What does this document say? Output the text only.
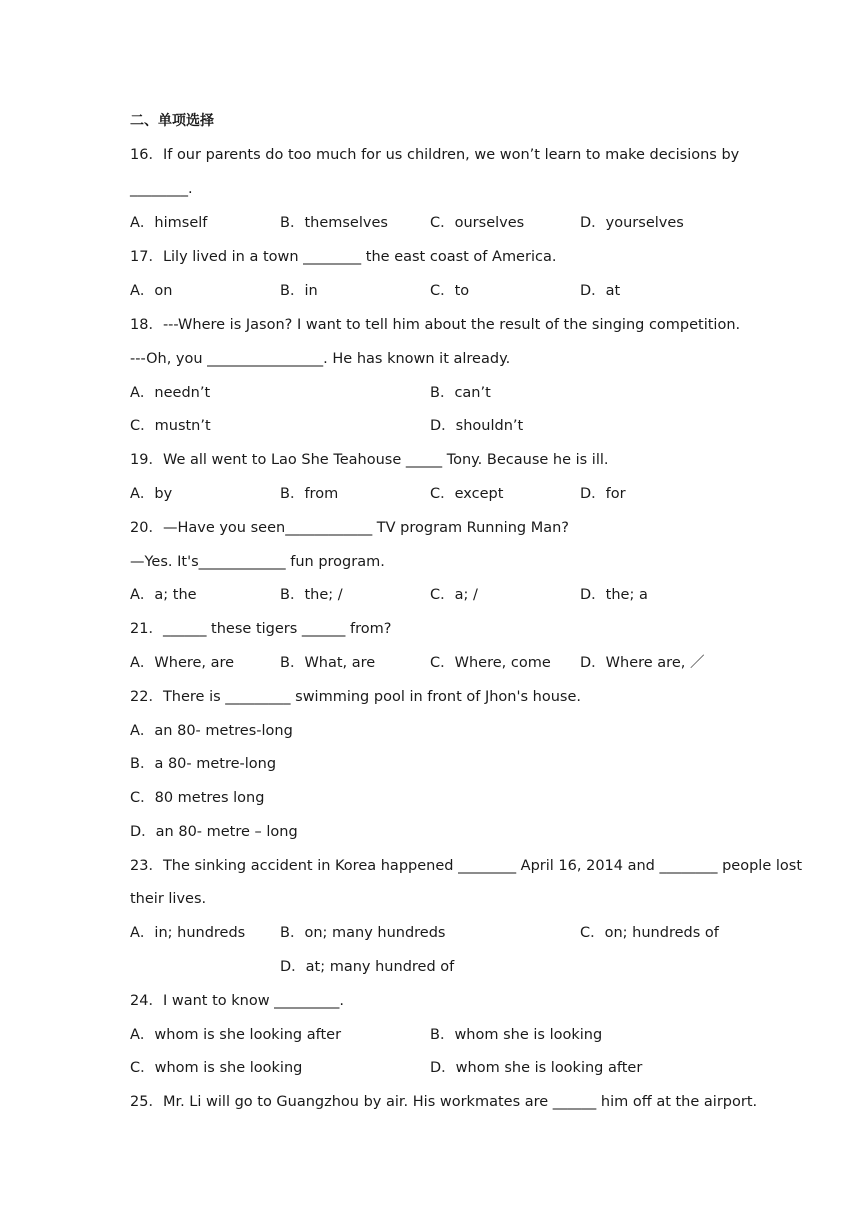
二、单项选择
16．If our parents do too much for us children, we won’t learn to make decisions by
________.
A．himself	B．themselves	C．ourselves	D．yourselves
17．Lily lived in a town ________ the east coast of America.
A．on	B．in	C．to	D．at
18．---Where is Jason? I want to tell him about the result of the singing competition.
---Oh, you ________________. He has known it already.
A．needn’t	B．can’t
C．mustn’t	D．shouldn’t
19．We all went to Lao She Teahouse _____ Tony. Because he is ill.
A．by	B．from	C．except	D．for
20．—Have you seen____________ TV program Running Man?
—Yes. It's____________ fun program.
A．a; the	B．the; /	C．a; /	D．the; a
21．______ these tigers ______ from?
A．Where, are	B．What, are	C．Where, come D．Where are, ／
22．There is _________ swimming pool in front of Jhon's house.
A．an 80- metres-long
B．a 80- metre-long
C．80 metres long
D．an 80- metre – long
23．The sinking accident in Korea happened ________ April 16, 2014 and ________ people lost
their lives.
A．in; hundreds B．on; many hundreds	C．on; hundreds of
D．at; many hundred of
24．I want to know _________.
A．whom is she looking after	B．whom she is looking
C．whom is she looking	D．whom she is looking after
25．Mr. Li will go to Guangzhou by air. His workmates are ______ him off at the airport.
